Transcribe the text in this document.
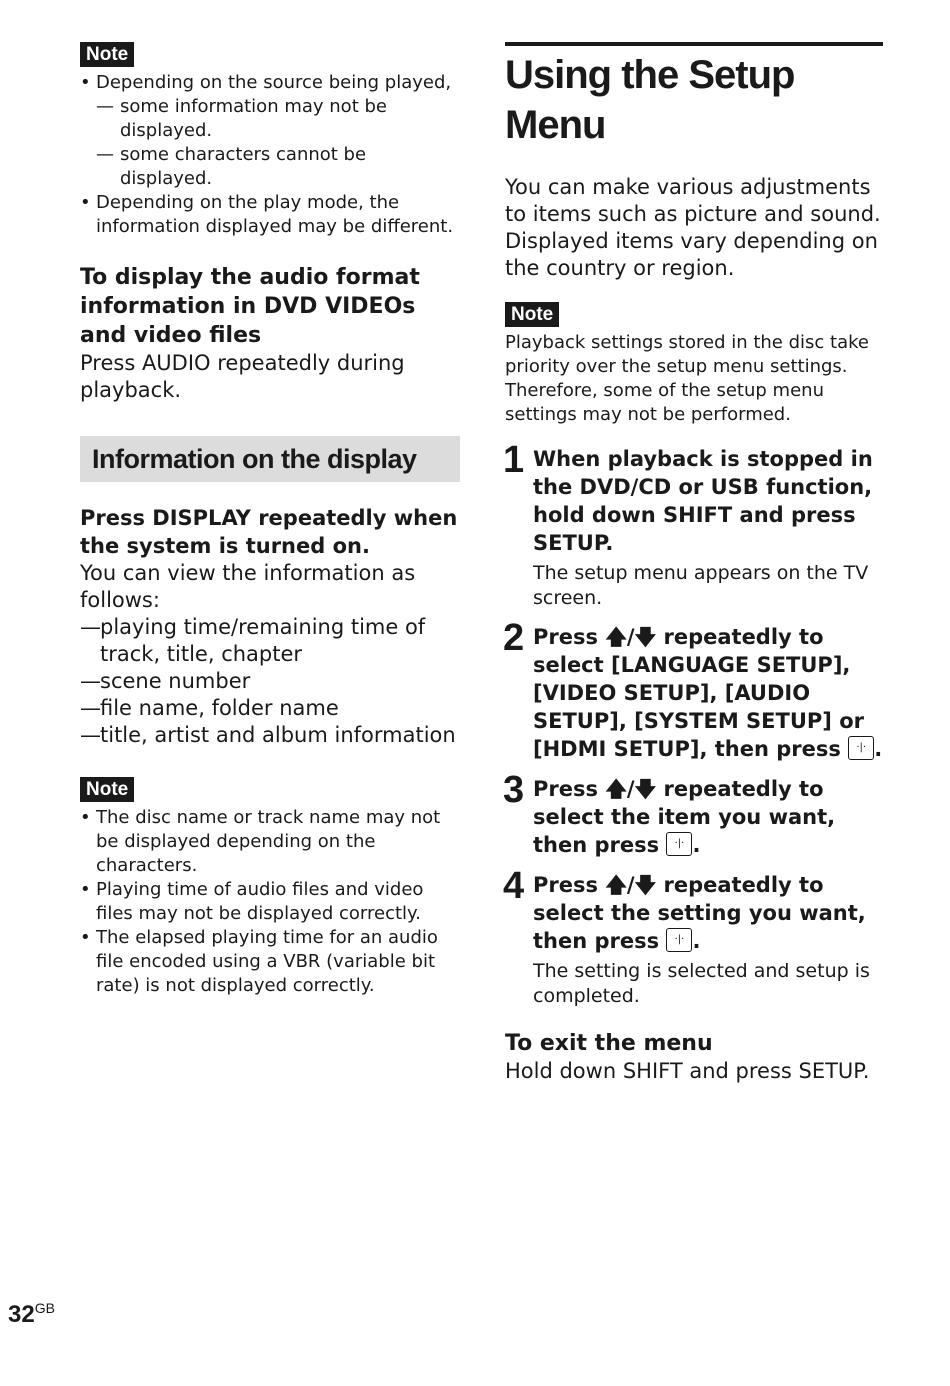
Note
• Depending on the source being played,
— some information may not be displayed.
— some characters cannot be displayed.
• Depending on the play mode, the information displayed may be different.
To display the audio format information in DVD VIDEOs and video files
Press AUDIO repeatedly during playback.
Information on the display
Press DISPLAY repeatedly when the system is turned on.
You can view the information as follows:
— playing time/remaining time of track, title, chapter
— scene number
— file name, folder name
— title, artist and album information
Note
• The disc name or track name may not be displayed depending on the characters.
• Playing time of audio files and video files may not be displayed correctly.
• The elapsed playing time for an audio file encoded using a VBR (variable bit rate) is not displayed correctly.
Using the Setup Menu
You can make various adjustments to items such as picture and sound. Displayed items vary depending on the country or region.
Note
Playback settings stored in the disc take priority over the setup menu settings. Therefore, some of the setup menu settings may not be performed.
1 When playback is stopped in the DVD/CD or USB function, hold down SHIFT and press SETUP.
The setup menu appears on the TV screen.
2 Press 🡅/🡇 repeatedly to select [LANGUAGE SETUP], [VIDEO SETUP], [AUDIO SETUP], [SYSTEM SETUP] or [HDMI SETUP], then press ·|·.
3 Press 🡅/🡇 repeatedly to select the item you want, then press ·|·.
4 Press 🡅/🡇 repeatedly to select the setting you want, then press ·|·.
The setting is selected and setup is completed.
To exit the menu
Hold down SHIFT and press SETUP.
$32^{GB}$
